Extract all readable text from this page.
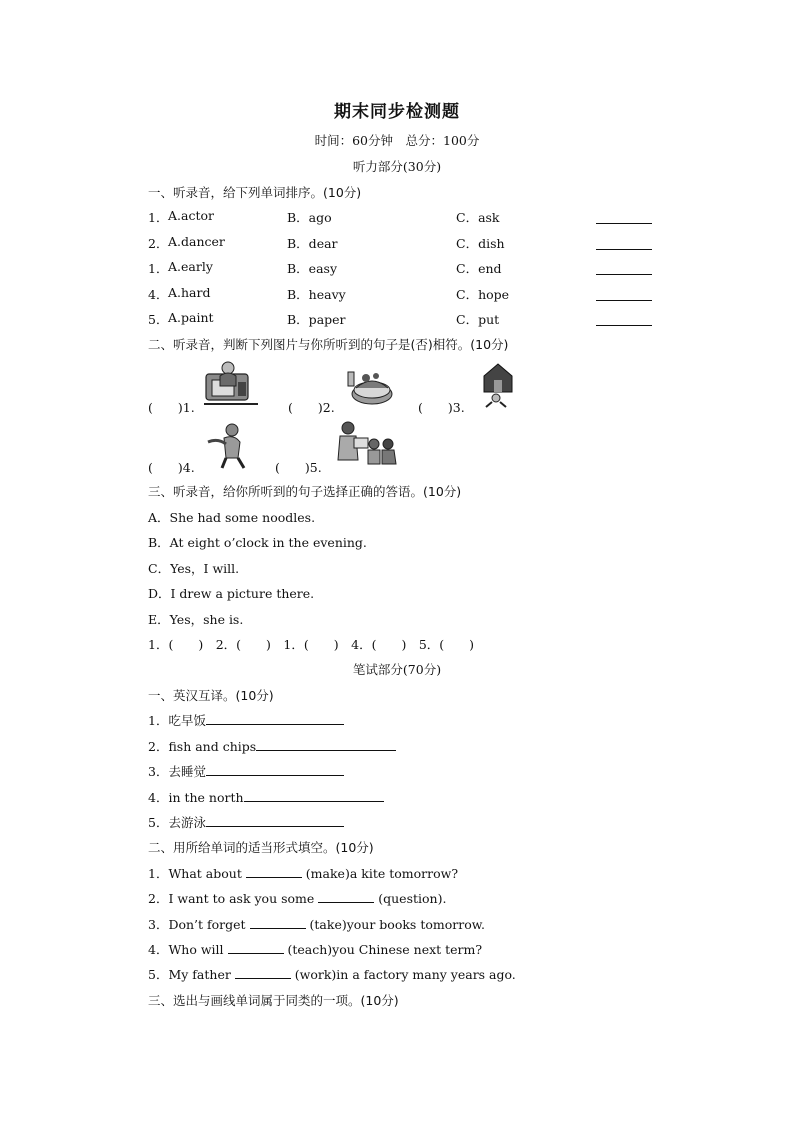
期末同步检测题
时间：60分钟　总分：100分
听力部分(30分)
一、听录音，给下列单词排序。(10分)
1． A.actor	B．ago	C．ask
2． A.dancer	B．dear	C．dish
1． A.early	B．easy	C．end
4． A.hard	B．heavy	C．hope
5． A.paint	B．paper	C．put
二、听录音，判断下列图片与你所听到的句子是(否)相符。(10分)
(　　)1.	(　　)2.	(　　)3.
(　　)4.	(　　)5.
三、听录音，给你所听到的句子选择正确的答语。(10分)
A．She had some noodles.
B．At eight o’clock in the evening.
C．Yes，I will.
D．I drew a picture there.
E．Yes，she is.
1．(　　)　2．(　　)　1．(　　)　4．(　　)　5．(　　)
笔试部分(70分)
一、英汉互译。(10分)
1．吃早饭
2．fish and chips
3．去睡觉
4．in the north
5．去游泳
二、用所给单词的适当形式填空。(10分)
1．What about	(make)a kite tomorrow?
2．I want to ask you some	(question).
3．Don’t forget	(take)your books tomorrow.
4．Who will	(teach)you Chinese next term?
5．My father	(work)in a factory many years ago.
三、选出与画线单词属于同类的一项。(10分)
